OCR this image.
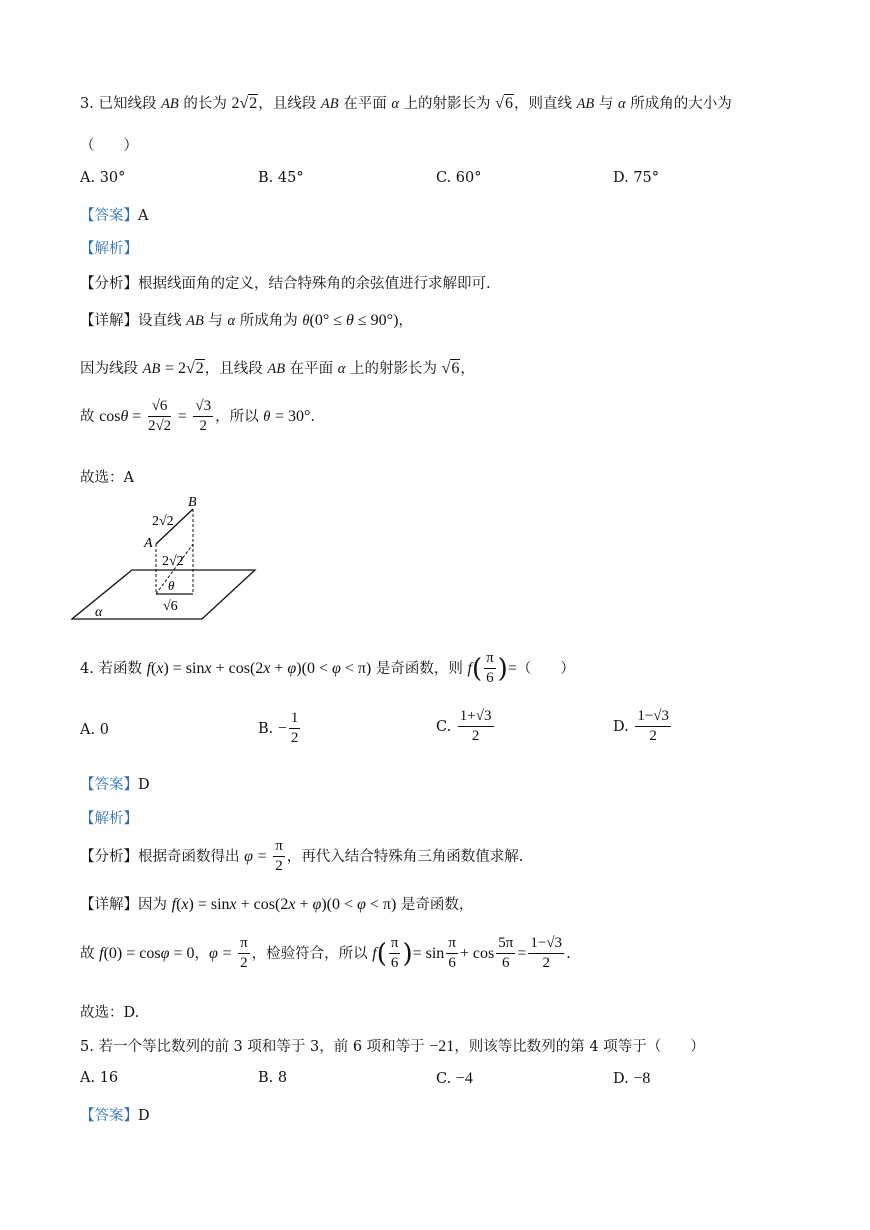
3. 已知线段 AB 的长为 2√2，且线段 AB 在平面 α 上的射影长为 √6，则直线 AB 与 α 所成角的大小为
（　　）
A. 30°	B. 45°	C. 60°	D. 75°
【答案】A
【解析】
【分析】根据线面角的定义，结合特殊角的余弦值进行求解即可.
【详解】设直线 AB 与 α 所成角为 θ(0° ≤ θ ≤ 90°)，
因为线段 AB = 2√2，且线段 AB 在平面 α 上的射影长为 √6，
故 $\cos\theta = \frac{√6}{2√2} = \frac{√3}{2}$ ，所以 θ = 30°.
故选：A
B
A
2√2
2√2
θ
√6
α
4. 若函数 f(x) = sinx + cos(2x + φ)(0 < φ < π) 是奇函数，则 $f( \frac{\pi}{6}$ )=（　　）
A. 0	B. − $\frac{1}{2}$	C. $\frac{1+√3}{2}$	D. $\frac{1-√3}{2}$
【答案】D
【解析】
【分析】根据奇函数得出 $\varphi = \frac{\pi}{2}$ ，再代入结合特殊角三角函数值求解.
【详解】因为 f(x) = sinx + cos(2x + φ)(0 < φ < π) 是奇函数，
故 f(0) = cosφ = 0，$\varphi = \frac{\pi}{2}$ ，检验符合，所以 $f( \frac{\pi}{6}$ )= $\sin \frac{\pi}{6} + \cos \frac{5\pi}{6} = \frac{1-√3}{2}$ .
故选：D.
5. 若一个等比数列的前 3 项和等于 3，前 6 项和等于 −21，则该等比数列的第 4 项等于（　　）
A. 16	B. 8	C. −4	D. −8
【答案】D
